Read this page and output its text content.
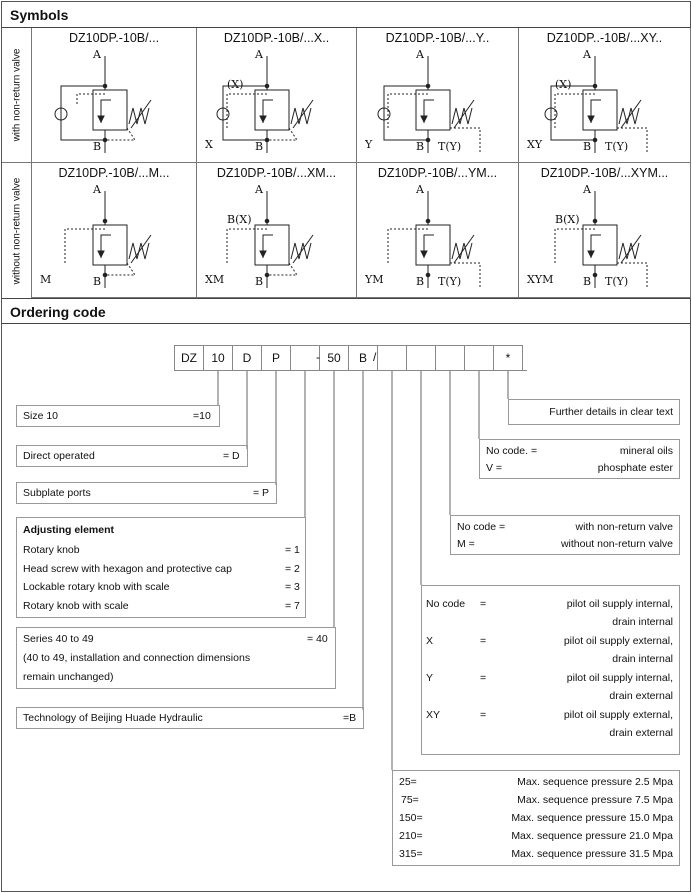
Symbols
with non-return valve
without non-return valve
DZ10DP.-10B/...
A
B
DZ10DP.-10B/...X..
A
B
X
(X)
DZ10DP.-10B/...Y..
A
B
Y	T(Y)
DZ10DP..-10B/...XY..
A
B
XY
(X)
T(Y)
DZ10DP.-10B/...M...
A
B
M
DZ10DP.-10B/...XM...
A
B
XM
B(X)
DZ10DP.-10B/...YM...
A
B
YM	T(Y)
DZ10DP.-10B/...XYM...
A
B
XYM
B(X)
T(Y)
Ordering code
DZ	10	D	P	50	B	*
-	/
Size 10	=10
Direct operated	= D
Subplate ports	= P
Adjusting element
Rotary knob	= 1
Head screw with hexagon and protective cap	= 2
Lockable rotary knob with scale	= 3
Rotary knob with scale	= 7
Series 40 to 49	= 40
(40 to 49, installation and connection dimensions
remain unchanged)
Technology of Beijing Huade Hydraulic	=B
Further details in clear text
No code. =	mineral oils
V =	phosphate ester
No code =	with non-return valve
M =	without non-return valve
No code =	pilot oil supply internal,
drain internal
X	=	pilot oil supply external,
drain internal
Y	=	pilot oil supply internal,
drain external
XY	=	pilot oil supply external,
drain external
25=	Max. sequence pressure 2.5 Mpa
75=	Max. sequence pressure 7.5 Mpa
150=	Max. sequence pressure 15.0 Mpa
210=	Max. sequence pressure 21.0 Mpa
315=	Max. sequence pressure 31.5 Mpa
